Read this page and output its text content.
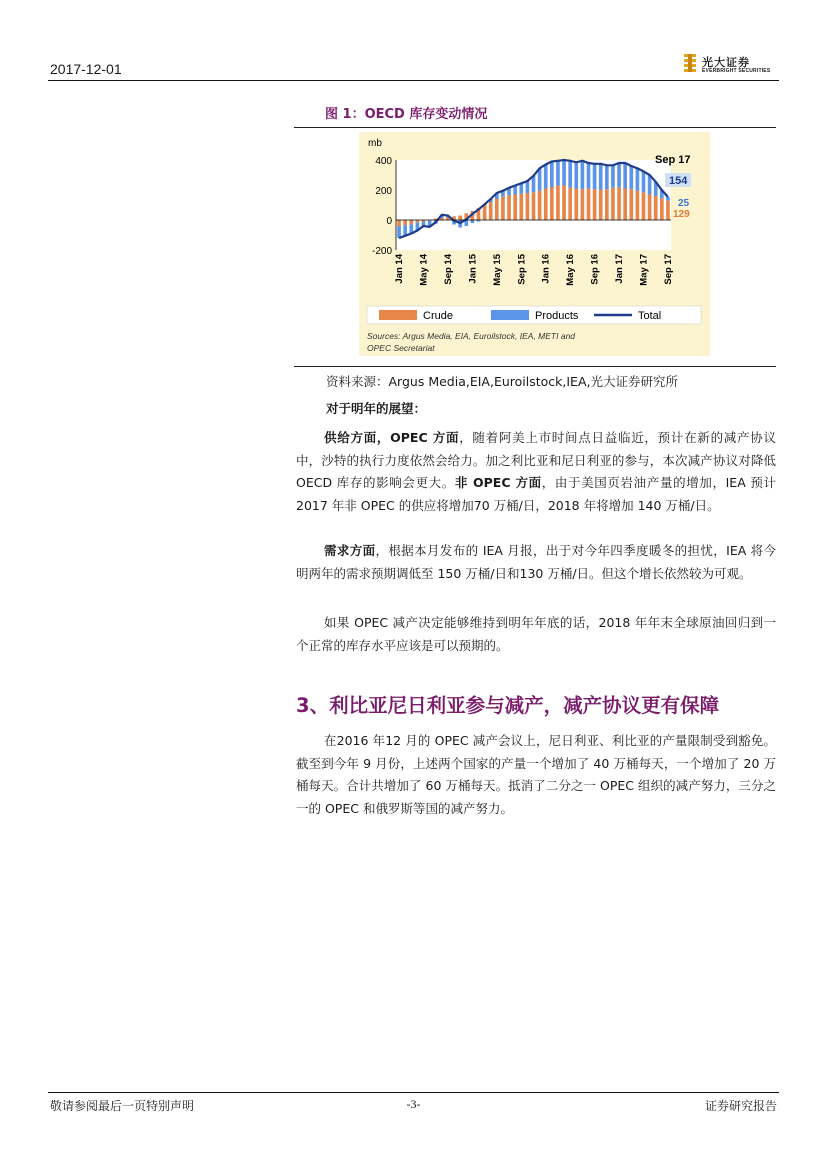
2017-12-01	光大证券
EVERBRIGHT SECURITIES
图 1：OECD 库存变动情况
400
200
0
-200
Jan 14 May 14 Sep 14 Jan 15 May 15 Sep 15 Jan 16 May 16 Sep 16 Jan 17 May 17 Sep 17
mb
Sep 17
154
25
129
Crude	Products	Total
Sources: Argus Media, EIA, Euroilstock, IEA, METI and
OPEC Secretariat
资料来源：Argus Media,EIA,Euroilstock,IEA,光大证券研究所
对于明年的展望：
供给方面，OPEC 方面，随着阿美上市时间点日益临近，预计在新的减产协议中，沙特的执行力度依然会给力。加之利比亚和尼日利亚的参与，本次减产协议对降低 OECD 库存的影响会更大。非 OPEC 方面，由于美国页岩油产量的增加，IEA 预计2017 年非 OPEC 的供应将增加70 万桶/日，2018 年将增加 140 万桶/日。
需求方面，根据本月发布的 IEA 月报，出于对今年四季度暖冬的担忧，IEA 将今明两年的需求预期调低至 150 万桶/日和130 万桶/日。但这个增长依然较为可观。
如果 OPEC 减产决定能够维持到明年年底的话，2018 年年末全球原油回归到一个正常的库存水平应该是可以预期的。
3、利比亚尼日利亚参与减产，减产协议更有保障
在2016 年12 月的 OPEC 减产会议上，尼日利亚、利比亚的产量限制受到豁免。截至到今年 9 月份，上述两个国家的产量一个增加了 40 万桶每天，一个增加了 20 万桶每天。合计共增加了 60 万桶每天。抵消了二分之一 OPEC 组织的减产努力，三分之一的 OPEC 和俄罗斯等国的减产努力。
敬请参阅最后一页特别声明	-3-	证券研究报告
